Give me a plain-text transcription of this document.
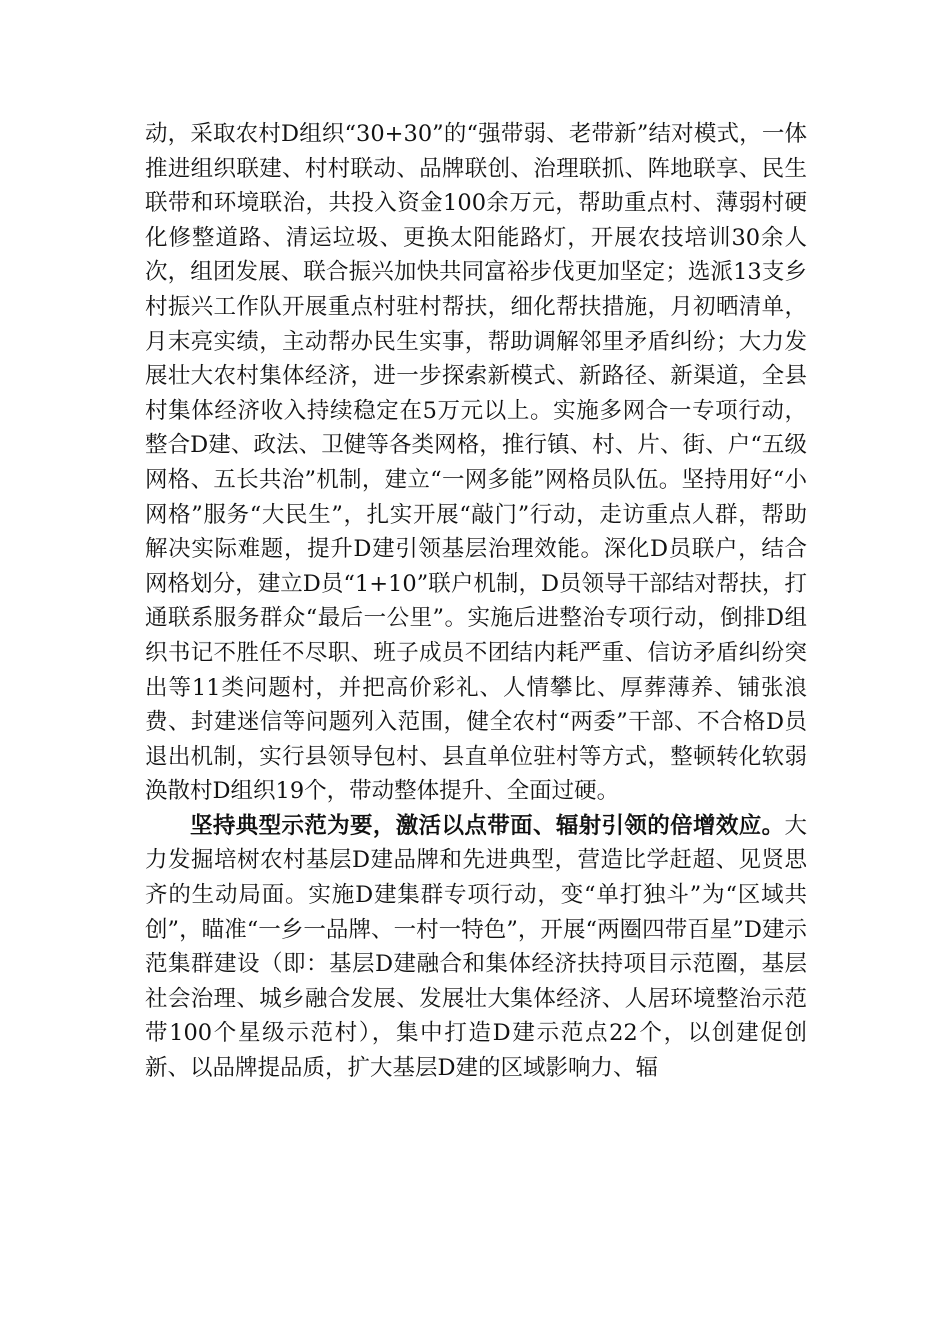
动，采取农村D组织“30+30”的“强带弱、老带新”结对模式，一体推进组织联建、村村联动、品牌联创、治理联抓、阵地联享、民生联带和环境联治，共投入资金100余万元，帮助重点村、薄弱村硬化修整道路、清运垃圾、更换太阳能路灯，开展农技培训30余人次，组团发展、联合振兴加快共同富裕步伐更加坚定；选派13支乡村振兴工作队开展重点村驻村帮扶，细化帮扶措施，月初晒清单，月末亮实绩，主动帮办民生实事，帮助调解邻里矛盾纠纷；大力发展壮大农村集体经济，进一步探索新模式、新路径、新渠道，全县村集体经济收入持续稳定在5万元以上。实施多网合一专项行动，整合D建、政法、卫健等各类网格，推行镇、村、片、街、户“五级网格、五长共治”机制，建立“一网多能”网格员队伍。坚持用好“小网格”服务“大民生”，扎实开展“敲门”行动，走访重点人群，帮助解决实际难题，提升D建引领基层治理效能。深化D员联户，结合网格划分，建立D员“1+10”联户机制，D员领导干部结对帮扶，打通联系服务群众“最后一公里”。实施后进整治专项行动，倒排D组织书记不胜任不尽职、班子成员不团结内耗严重、信访矛盾纠纷突出等11类问题村，并把高价彩礼、人情攀比、厚葬薄养、铺张浪费、封建迷信等问题列入范围，健全农村“两委”干部、不合格D员退出机制，实行县领导包村、县直单位驻村等方式，整顿转化软弱涣散村D组织19个，带动整体提升、全面过硬。

坚持典型示范为要，激活以点带面、辐射引领的倍增效应。大力发掘培树农村基层D建品牌和先进典型，营造比学赶超、见贤思齐的生动局面。实施D建集群专项行动，变“单打独斗”为“区域共创”，瞄准“一乡一品牌、一村一特色”，开展“两圈四带百星”D建示范集群建设（即：基层D建融合和集体经济扶持项目示范圈，基层社会治理、城乡融合发展、发展壮大集体经济、人居环境整治示范带100个星级示范村），集中打造D建示范点22个，以创建促创新、以品牌提品质，扩大基层D建的区域影响力、辐
